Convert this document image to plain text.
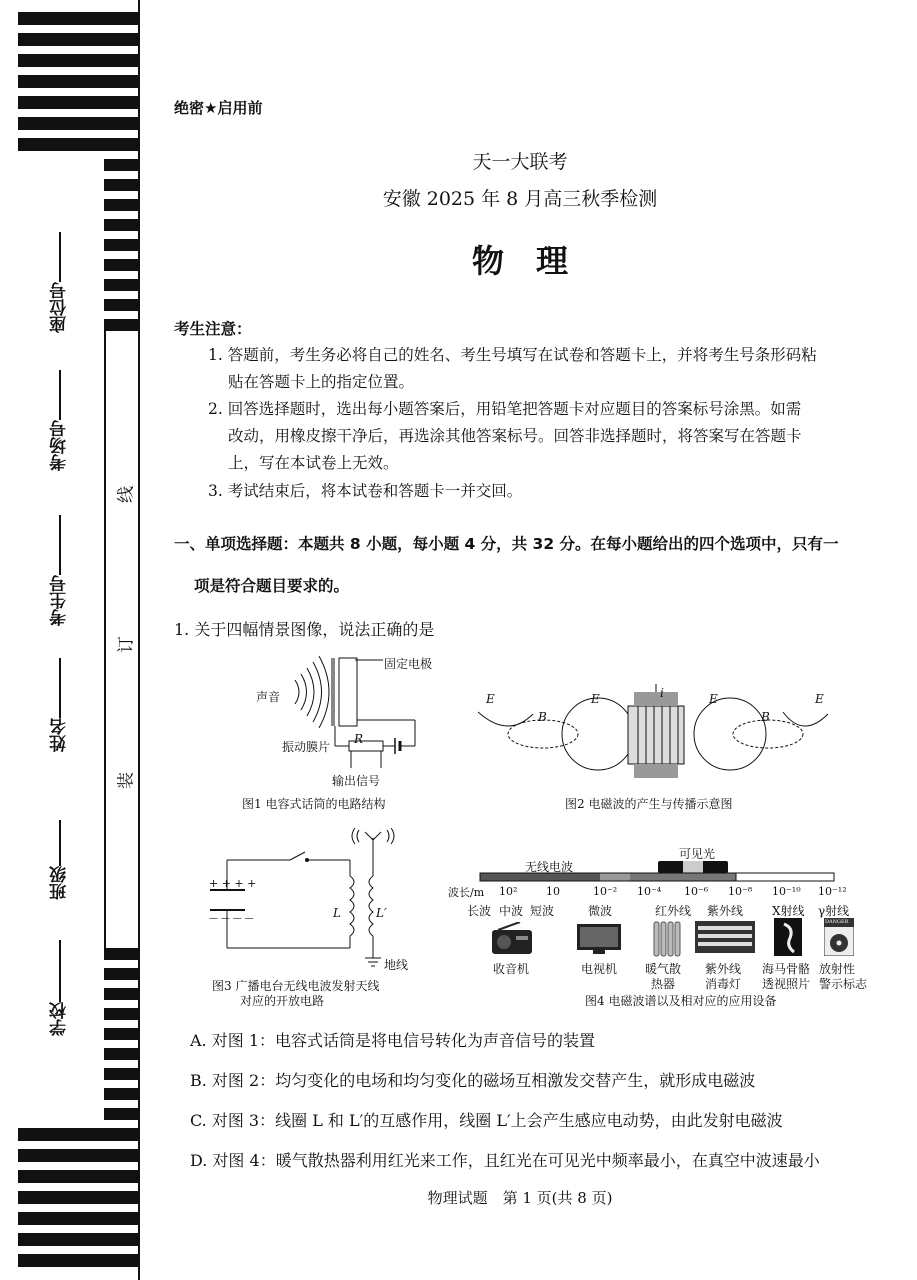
座位号
考场号
考生号
姓名
班级
学校
线
订
装
绝密★启用前
天一大联考
安徽 2025 年 8 月高三秋季检测
物　理
考生注意：
1. 答题前，考生务必将自己的姓名、考生号填写在试卷和答题卡上，并将考生号条形码粘
贴在答题卡上的指定位置。
2. 回答选择题时，选出每小题答案后，用铅笔把答题卡对应题目的答案标号涂黑。如需
改动，用橡皮擦干净后，再选涂其他答案标号。回答非选择题时，将答案写在答题卡
上，写在本试卷上无效。
3. 考试结束后，将本试卷和答题卡一并交回。
一、单项选择题：本题共 8 小题，每小题 4 分，共 32 分。在每小题给出的四个选项中，只有一
项是符合题目要求的。
1. 关于四幅情景图像，说法正确的是
声音
固定电极
振动膜片
R
输出信号
图1 电容式话筒的电路结构
E	E	E	E
B	B
i
图2 电磁波的产生与传播示意图
+ + + +
— — — —	L	L′
地线
图3 广播电台无线电波发射天线
对应的开放电路
无线电波
可见光
波长/m 10²	10	10⁻² 10⁻⁴ 10⁻⁶ 10⁻⁸ 10⁻¹⁰ 10⁻¹²
长波 中波 短波	微波	红外线 紫外线 X射线 γ射线
DANGER
收音机	电视机 暖气散 紫外线 海马骨骼 放射性
热器 消毒灯 透视照片 警示标志
图4 电磁波谱以及相对应的应用设备
A. 对图 1：电容式话筒是将电信号转化为声音信号的装置
B. 对图 2：均匀变化的电场和均匀变化的磁场互相激发交替产生，就形成电磁波
C. 对图 3：线圈 L 和 L′的互感作用，线圈 L′上会产生感应电动势，由此发射电磁波
D. 对图 4：暖气散热器利用红光来工作，且红光在可见光中频率最小，在真空中波速最小
物理试题　第 1 页(共 8 页)
